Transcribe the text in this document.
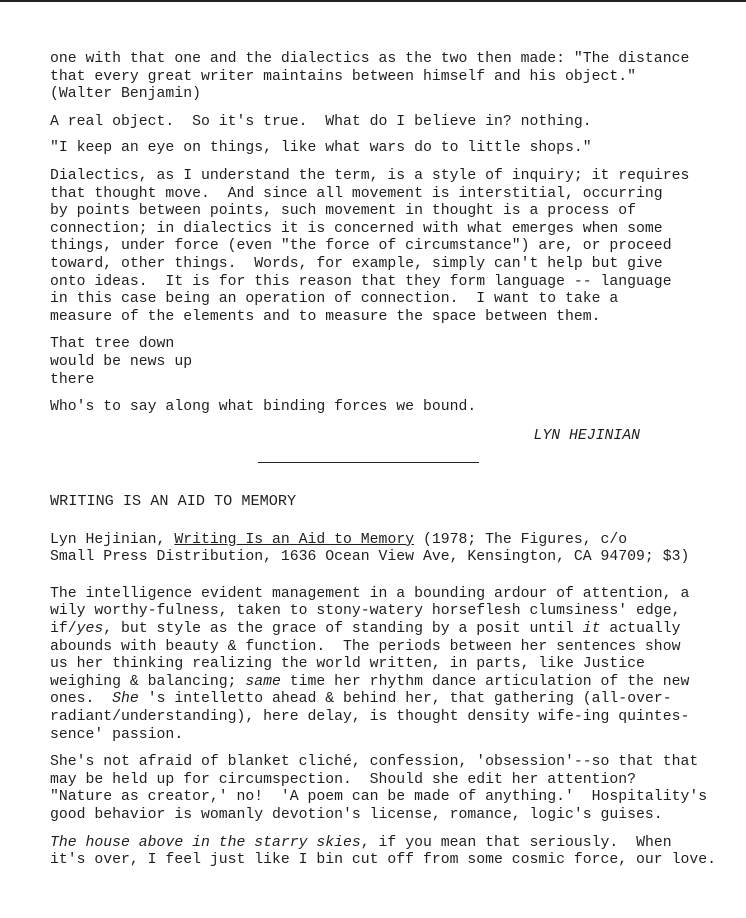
one with that one and the dialectics as the two then made: "The distance
that every great writer maintains between himself and his object."
(Walter Benjamin)
A real object.  So it's true.  What do I believe in? nothing.
"I keep an eye on things, like what wars do to little shops."
Dialectics, as I understand the term, is a style of inquiry; it requires
that thought move.  And since all movement is interstitial, occurring
by points between points, such movement in thought is a process of
connection; in dialectics it is concerned with what emerges when some
things, under force (even "the force of circumstance") are, or proceed
toward, other things.  Words, for example, simply can't help but give
onto ideas.  It is for this reason that they form language -- language
in this case being an operation of connection.  I want to take a
measure of the elements and to measure the space between them.
That tree down
would be news up
there
Who's to say along what binding forces we bound.
LYN HEJINIAN
WRITING IS AN AID TO MEMORY
Lyn Hejinian, Writing Is an Aid to Memory (1978; The Figures, c/o
Small Press Distribution, 1636 Ocean View Ave, Kensington, CA 94709; $3)
The intelligence evident management in a bounding ardour of attention, a
wily worthy-fulness, taken to stony-watery horseflesh clumsiness' edge,
if/yes, but style as the grace of standing by a posit until it actually
abounds with beauty & function.  The periods between her sentences show
us her thinking realizing the world written, in parts, like Justice
weighing & balancing; same time her rhythm dance articulation of the new
ones.  She 's intelletto ahead & behind her, that gathering (all-over-
radiant/understanding), here delay, is thought density wife-ing quintes-
sence' passion.
She's not afraid of blanket cliché, confession, 'obsession'--so that that
may be held up for circumspection.  Should she edit her attention?
"Nature as creator,' no!  'A poem can be made of anything.'  Hospitality's
good behavior is womanly devotion's license, romance, logic's guises.
The house above in the starry skies, if you mean that seriously.  When
it's over, I feel just like I bin cut off from some cosmic force, our love.
